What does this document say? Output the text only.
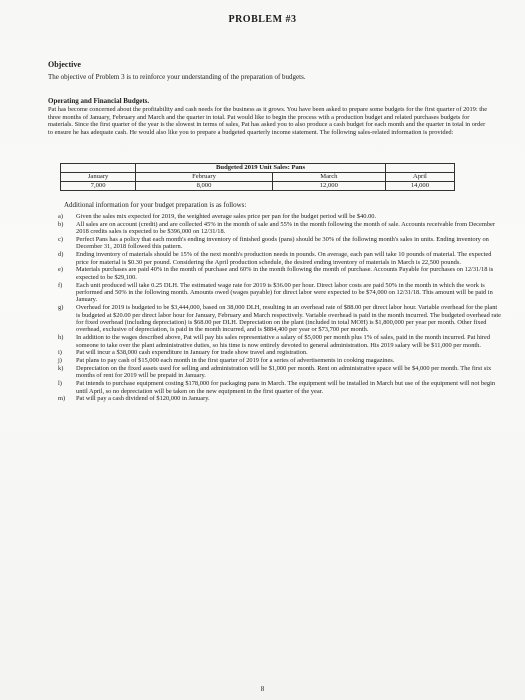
PROBLEM #3
Objective
The objective of Problem 3 is to reinforce your understanding of the preparation of budgets.
Operating and Financial Budgets.
Pat has become concerned about the profitability and cash needs for the business as it grows. You have been asked to prepare some budgets for the first quarter of 2019: the three months of January, February and March and the quarter in total. Pat would like to begin the process with a production budget and related purchases budgets for materials. Since the first quarter of the year is the slowest in terms of sales, Pat has asked you to also produce a cash budget for each month and the quarter in total in order to ensure he has adequate cash. He would also like you to prepare a budgeted quarterly income statement. The following sales-related information is provided:
	Budgeted 2019 Unit Sales: Pans		
January	February	March	April
7,000	8,000	12,000	14,000
Additional information for your budget preparation is as follows:
a) Given the sales mix expected for 2019, the weighted average sales price per pan for the budget period will be $40.00.
b) All sales are on account (credit) and are collected 45% in the month of sale and 55% in the month following the month of sale. Accounts receivable from December 2018 credits sales is expected to be $396,000 on 12/31/18.
c) Perfect Pans has a policy that each month's ending inventory of finished goods (pans) should be 30% of the following month's sales in units. Ending inventory on December 31, 2018 followed this pattern.
d) Ending inventory of materials should be 15% of the next month's production needs in pounds. On average, each pan will take 10 pounds of material. The expected price for material is $0.30 per pound. Considering the April production schedule, the desired ending inventory of materials in March is 22,500 pounds.
e) Materials purchases are paid 40% in the month of purchase and 60% in the month following the month of purchase. Accounts Payable for purchases on 12/31/18 is expected to be $29,100.
f) Each unit produced will take 0.25 DLH. The estimated wage rate for 2019 is $36.00 per hour. Direct labor costs are paid 50% in the month in which the work is performed and 50% in the following month. Amounts owed (wages payable) for direct labor were expected to be $74,000 on 12/31/18. This amount will be paid in January.
g) Overhead for 2019 is budgeted to be $3,444,000, based on 38,000 DLH, resulting in an overhead rate of $88.00 per direct labor hour. Variable overhead for the plant is budgeted at $20.00 per direct labor hour for January, February and March respectively. Variable overhead is paid in the month incurred. The budgeted overhead rate for fixed overhead (including depreciation) is $68.00 per DLH. Depreciation on the plant (included in total MOH) is $1,800,000 per year per month. Other fixed overhead, exclusive of depreciation, is paid in the month incurred, and is $884,400 per year or $73,700 per month.
h) In addition to the wages described above, Pat will pay his sales representative a salary of $5,000 per month plus 1% of sales, paid in the month incurred. Pat hired someone to take over the plant administrative duties, so his time is now entirely devoted to general administration. His 2019 salary will be $11,000 per month.
i) Pat will incur a $38,000 cash expenditure in January for trade show travel and registration.
j) Pat plans to pay cash of $15,000 each month in the first quarter of 2019 for a series of advertisements in cooking magazines.
k) Depreciation on the fixed assets used for selling and administration will be $1,000 per month. Rent on administrative space will be $4,000 per month. The first six months of rent for 2019 will be prepaid in January.
l) Pat intends to purchase equipment costing $178,000 for packaging pans in March. The equipment will be installed in March but use of the equipment will not begin until April, so no depreciation will be taken on the new equipment in the first quarter of the year.
m) Pat will pay a cash dividend of $120,000 in January.
8
